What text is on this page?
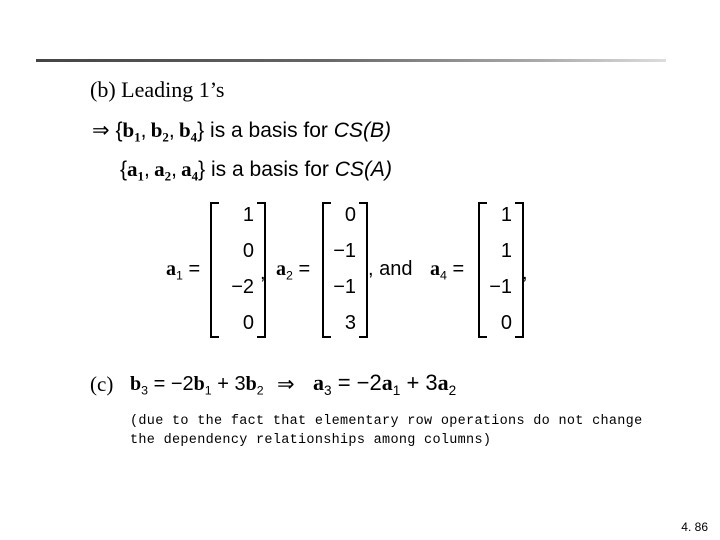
(b) Leading 1’s
⇒ {$b_1$, $b_2$, $b_4$} is a basis for CS(B)
{$a_1$, $a_2$, $a_4$} is a basis for CS(A)
$a_1$ =
1
0
−2
0
, $a_2$ =
0
−1
−1
3
, and $a_4$ =
1
1
−1
0
,
(c) $b_3 = -2b_1 + 3b_2$ ⇒ $a_3 = -2a_1 + 3a_2$
(due to the fact that elementary row operations do not change the dependency relationships among columns)
4. 86
